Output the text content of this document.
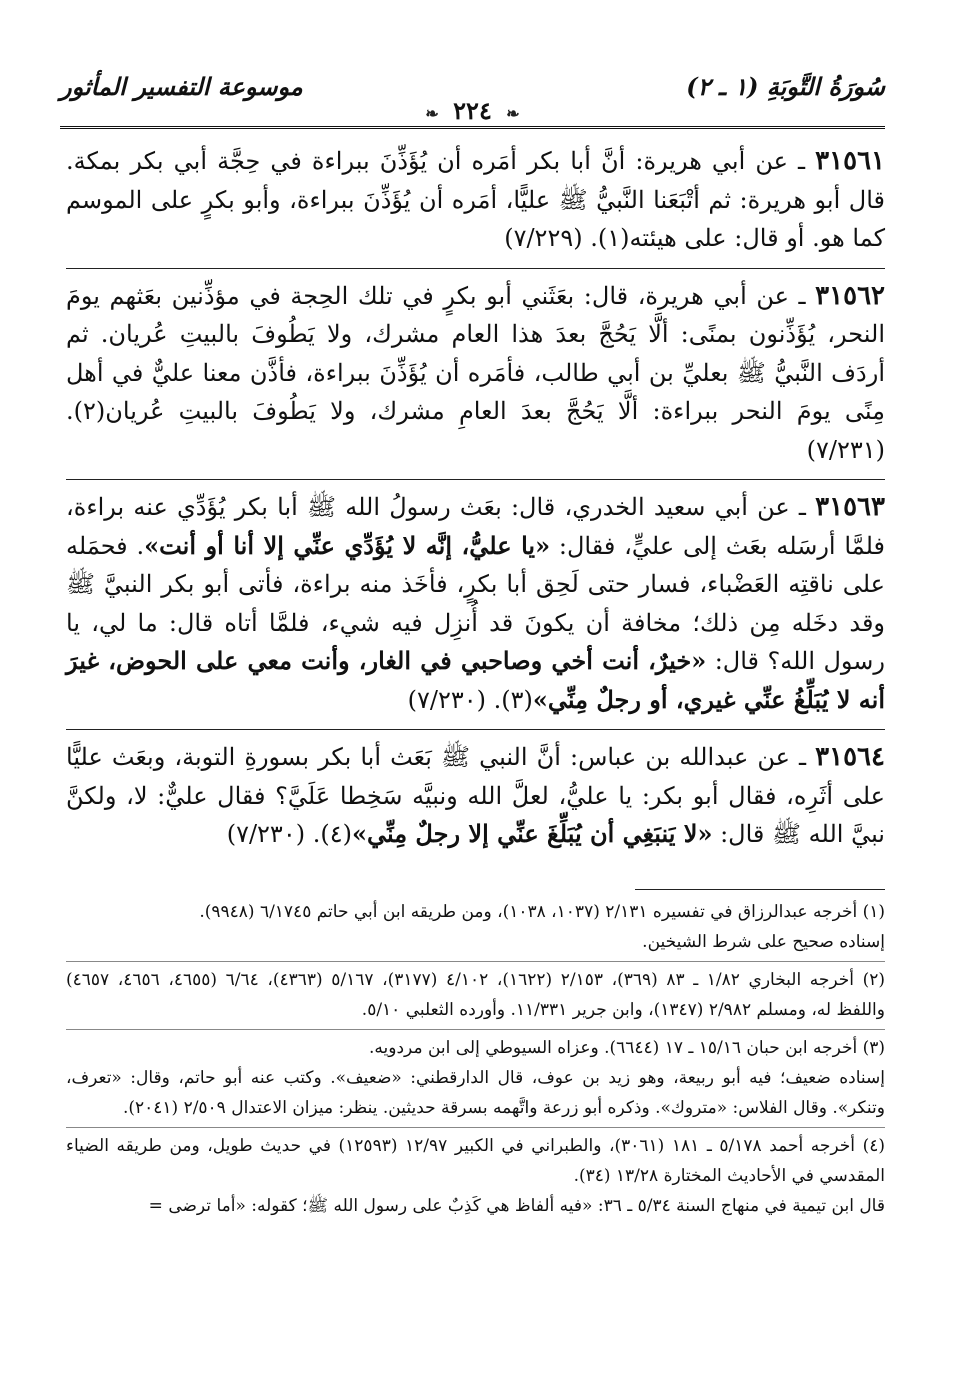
سُورَةُ التَّوبَةِ (١ ـ ٢)
❧ ٢٢٤ ❧
موسوعة التفسير المأثور

٣١٥٦١ ـ عن أبي هريرة: أنَّ أبا بكر أمَره أن يُؤَذِّنَ ببراءة في حِجَّة أبي بكر بمكة. قال أبو هريرة: ثم أتْبَعَنا النَّبيُّ ﷺ عليًّا، أمَره أن يُؤَذِّنَ ببراءة، وأبو بكرٍ على الموسم كما هو. أو قال: على هيئته(١). (٧/٢٢٩)

٣١٥٦٢ ـ عن أبي هريرة، قال: بعَثَني أبو بكرٍ في تلك الحِجة في مؤذِّنين بعَثهم يومَ النحر، يُؤَذِّنون بمنًى: ألَّا يَحُجَّ بعدَ هذا العام مشرك، ولا يَطُوفَ بالبيتِ عُريان. ثم أردَف النَّبيُّ ﷺ بعليِّ بن أبي طالب، فأمَره أن يُؤَذِّنَ ببراءة، فأذَّن معنا عليٌّ في أهل مِنًى يومَ النحر ببراءة: ألَّا يَحُجَّ بعدَ العامِ مشرك، ولا يَطُوفَ بالبيتِ عُريان(٢). (٧/٢٣١)

٣١٥٦٣ ـ عن أبي سعيد الخدري، قال: بعَث رسولُ الله ﷺ أبا بكر يُؤَدِّي عنه براءة، فلمَّا أرسَله بعَث إلى عليٍّ، فقال: «يا عليُّ، إنَّه لا يُؤَدِّي عنِّي إلا أنا أو أنت». فحمَله على ناقتِه العَضْباء، فسار حتى لَحِق أبا بكرٍ، فأخَذ منه براءة، فأتى أبو بكر النبيَّ ﷺ وقد دخَله مِن ذلك؛ مخافة أن يكونَ قد أُنزِل فيه شيء، فلمَّا أتاه قال: ما لي، يا رسول الله؟ قال: «خيرٌ، أنت أخي وصاحبي في الغار، وأنت معي على الحوض، غيرَ أنه لا يُبَلِّغُ عنِّي غيري، أو رجلٌ مِنِّي»(٣). (٧/٢٣٠)

٣١٥٦٤ ـ عن عبدالله بن عباس: أنَّ النبي ﷺ بَعَث أبا بكر بسورةِ التوبة، وبعَث عليًّا على أثَرِه، فقال أبو بكر: يا عليُّ، لعلَّ الله ونبيَّه سَخِطا عَلَيَّ؟ فقال عليٌّ: لا، ولكنَّ نبيَّ الله ﷺ قال: «لا يَنبَغِي أن يُبَلِّغَ عنِّي إلا رجلٌ مِنِّي»(٤). (٧/٢٣٠)

(١) أخرجه عبدالرزاق في تفسيره ٢/١٣١ (١٠٣٧، ١٠٣٨)، ومن طريقه ابن أبي حاتم ٦/١٧٤٥ (٩٩٤٨).
إسناده صحيح على شرط الشيخين.

(٢) أخرجه البخاري ١/٨٢ ـ ٨٣ (٣٦٩)، ٢/١٥٣ (١٦٢٢)، ٤/١٠٢ (٣١٧٧)، ٥/١٦٧ (٤٣٦٣)، ٦/٦٤ (٤٦٥٥، ٤٦٥٦، ٤٦٥٧) واللفظ له، ومسلم ٢/٩٨٢ (١٣٤٧)، وابن جرير ١١/٣٣١. وأورده الثعلبي ٥/١٠.

(٣) أخرجه ابن حبان ١٥/١٦ ـ ١٧ (٦٦٤٤). وعزاه السيوطي إلى ابن مردويه.
إسناده ضعيف؛ فيه أبو ربيعة، وهو زيد بن عوف، قال الدارقطني: «ضعيف». وكتب عنه أبو حاتم، وقال: «تعرف، وتنكر». وقال الفلاس: «متروك». وذكره أبو زرعة واتَّهمه بسرقة حديثين. ينظر: ميزان الاعتدال ٢/٥٠٩ (٢٠٤١).

(٤) أخرجه أحمد ٥/١٧٨ ـ ١٨١ (٣٠٦١)، والطبراني في الكبير ١٢/٩٧ (١٢٥٩٣) في حديث طويل، ومن طريقه الضياء المقدسي في الأحاديث المختارة ١٣/٢٨ (٣٤).
قال ابن تيمية في منهاج السنة ٥/٣٤ ـ ٣٦: «فيه ألفاظ هي كَذِبٌ على رسول الله ﷺ؛ كقوله: «أما ترضى =
